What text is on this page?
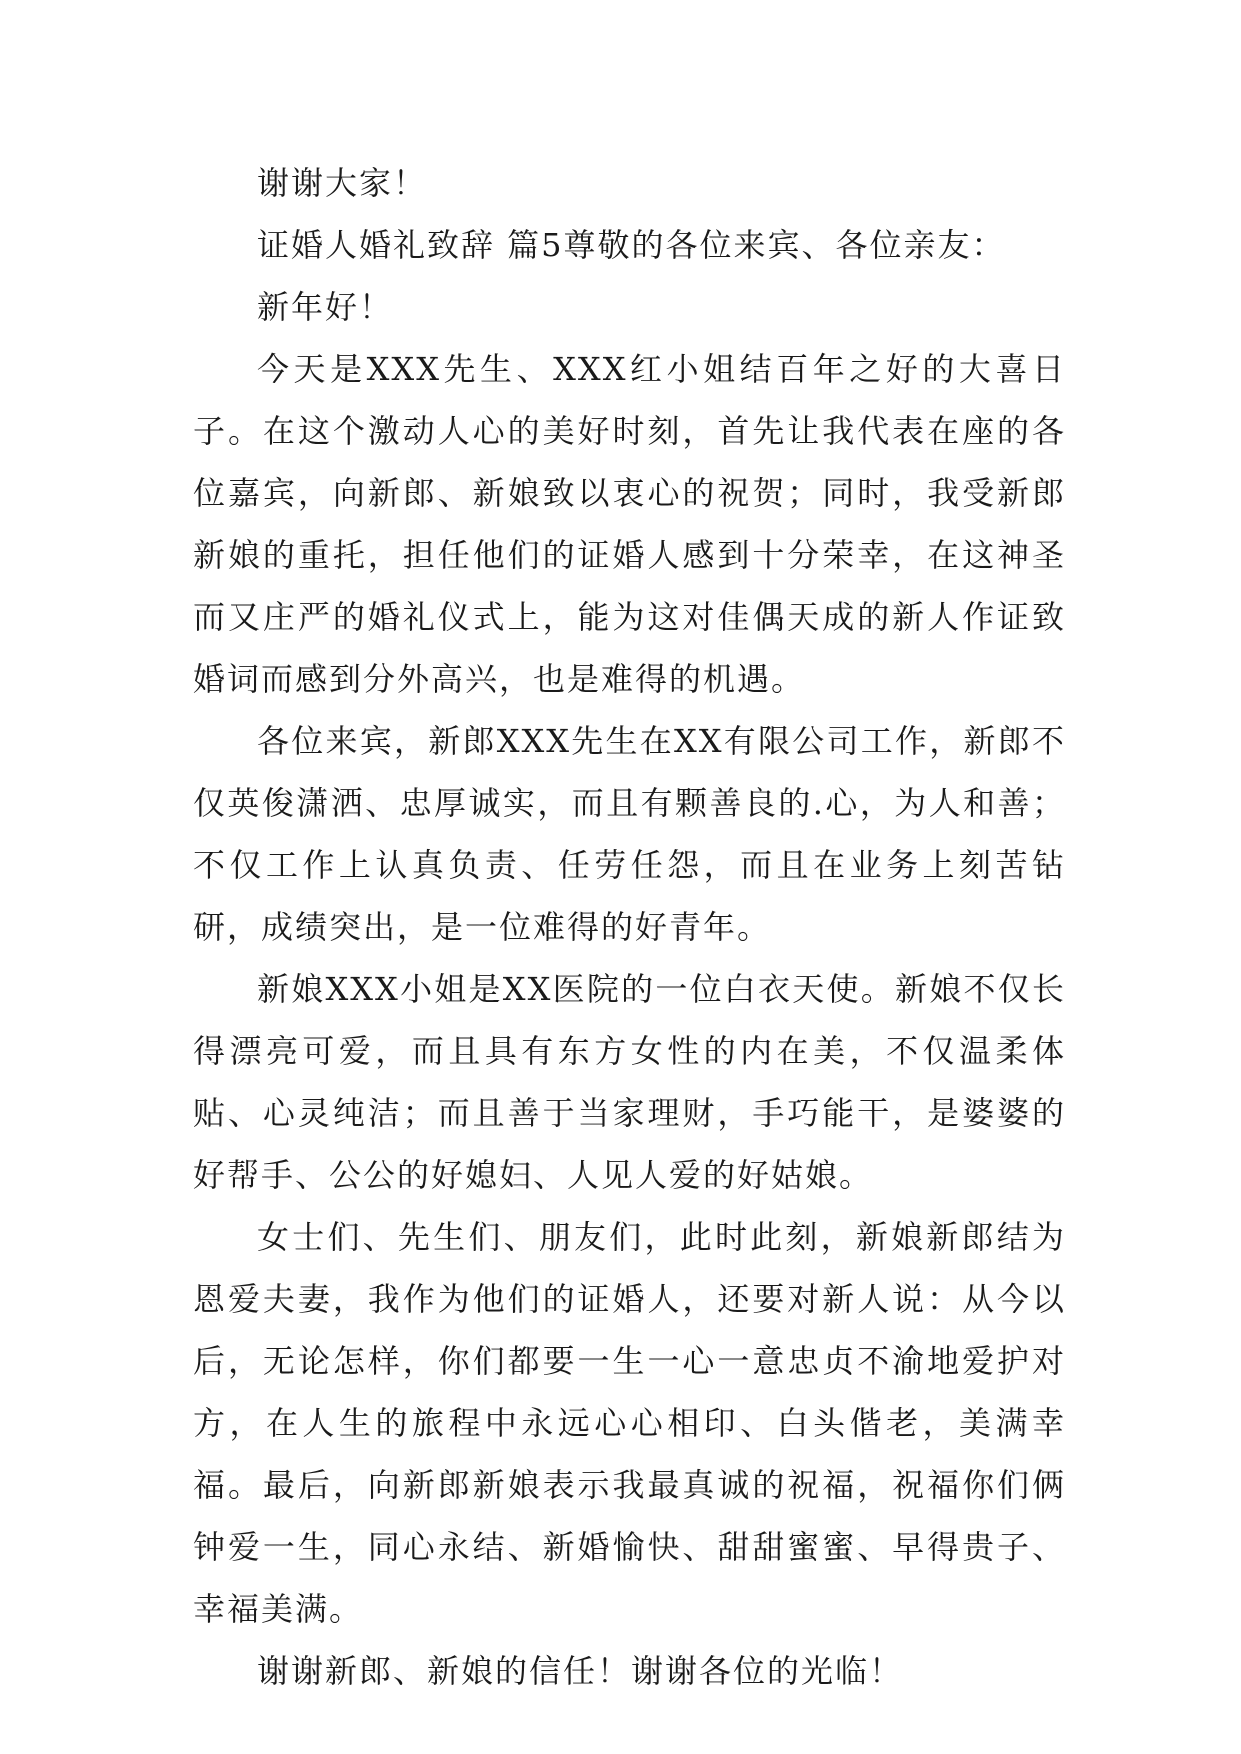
谢谢大家！

证婚人婚礼致辞 篇5尊敬的各位来宾、各位亲友：

新年好！

今天是XXX先生、XXX红小姐结百年之好的大喜日子。在这个激动人心的美好时刻，首先让我代表在座的各位嘉宾，向新郎、新娘致以衷心的祝贺；同时，我受新郎新娘的重托，担任他们的证婚人感到十分荣幸，在这神圣而又庄严的婚礼仪式上，能为这对佳偶天成的新人作证致婚词而感到分外高兴，也是难得的机遇。

各位来宾，新郎XXX先生在XX有限公司工作，新郎不仅英俊潇洒、忠厚诚实，而且有颗善良的.心，为人和善；不仅工作上认真负责、任劳任怨，而且在业务上刻苦钻研，成绩突出，是一位难得的好青年。

新娘XXX小姐是XX医院的一位白衣天使。新娘不仅长得漂亮可爱，而且具有东方女性的内在美，不仅温柔体贴、心灵纯洁；而且善于当家理财，手巧能干，是婆婆的好帮手、公公的好媳妇、人见人爱的好姑娘。

女士们、先生们、朋友们，此时此刻，新娘新郎结为恩爱夫妻，我作为他们的证婚人，还要对新人说：从今以后，无论怎样，你们都要一生一心一意忠贞不渝地爱护对方，在人生的旅程中永远心心相印、白头偕老，美满幸福。最后，向新郎新娘表示我最真诚的祝福，祝福你们俩钟爱一生，同心永结、新婚愉快、甜甜蜜蜜、早得贵子、幸福美满。

谢谢新郎、新娘的信任！谢谢各位的光临！
